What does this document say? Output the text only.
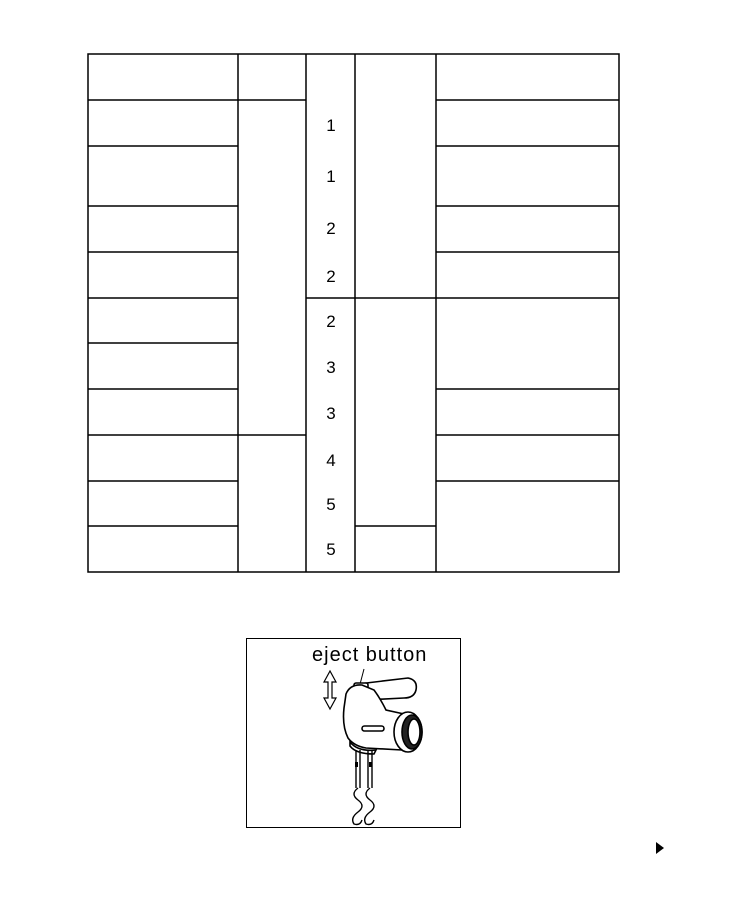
1
1
2
2
2
3
3
4
5
5
eject button
